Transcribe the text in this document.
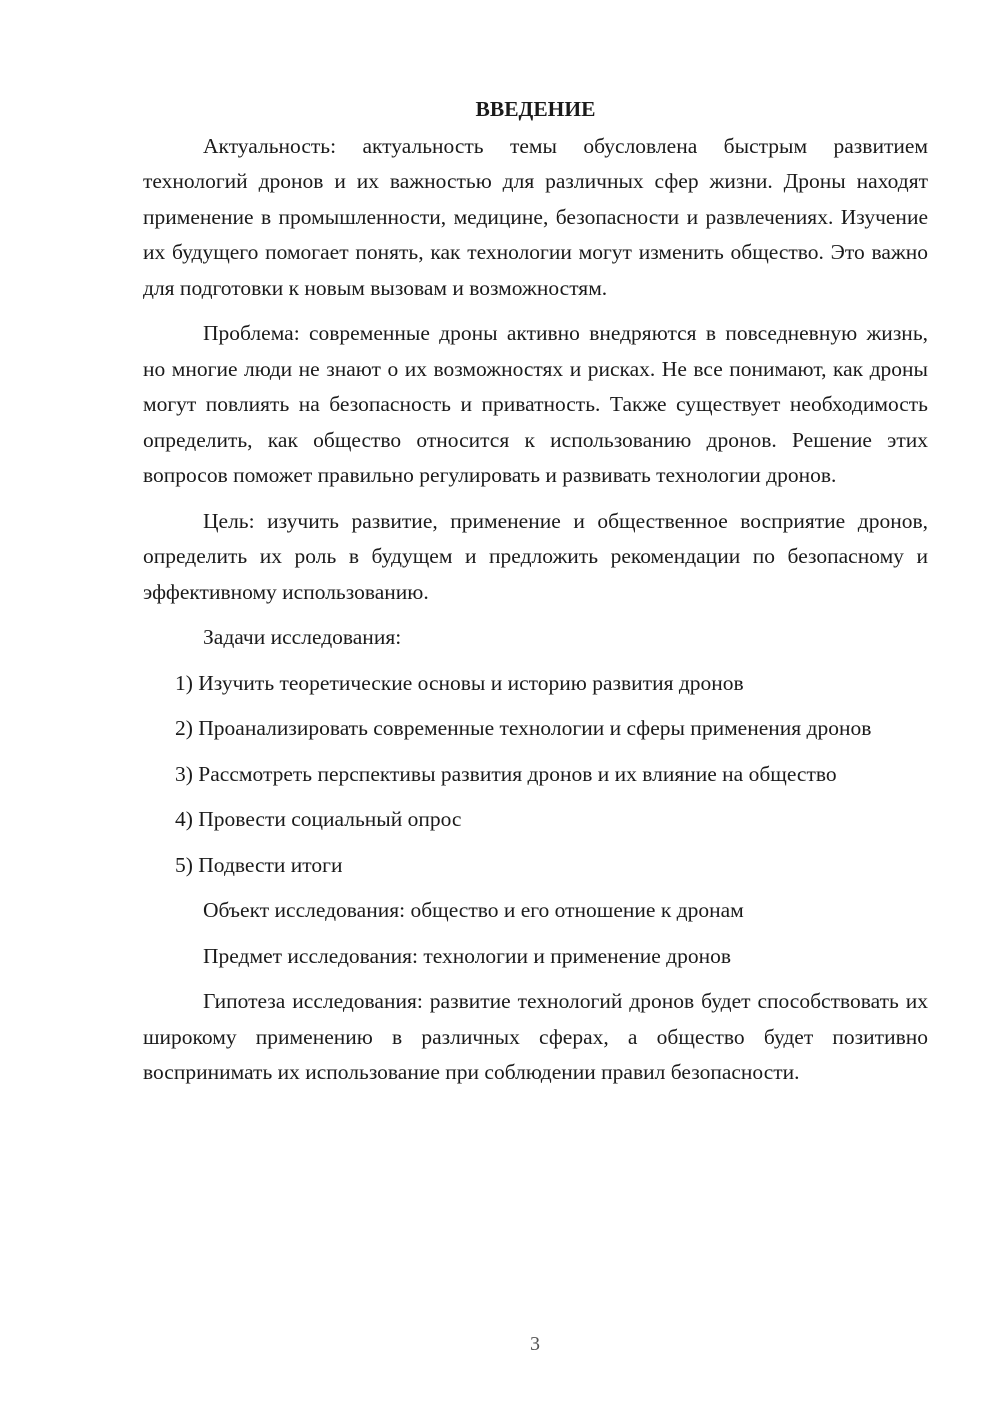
ВВЕДЕНИЕ

Актуальность: актуальность темы обусловлена быстрым развитием технологий дронов и их важностью для различных сфер жизни. Дроны находят применение в промышленности, медицине, безопасности и развлечениях. Изучение их будущего помогает понять, как технологии могут изменить общество. Это важно для подготовки к новым вызовам и возможностям.

Проблема: современные дроны активно внедряются в повседневную жизнь, но многие люди не знают о их возможностях и рисках. Не все понимают, как дроны могут повлиять на безопасность и приватность. Также существует необходимость определить, как общество относится к использованию дронов. Решение этих вопросов поможет правильно регулировать и развивать технологии дронов.

Цель: изучить развитие, применение и общественное восприятие дронов, определить их роль в будущем и предложить рекомендации по безопасному и эффективному использованию.

Задачи исследования:

1) Изучить теоретические основы и историю развития дронов

2) Проанализировать современные технологии и сферы применения дронов

3) Рассмотреть перспективы развития дронов и их влияние на общество

4) Провести социальный опрос

5) Подвести итоги

Объект исследования: общество и его отношение к дронам

Предмет исследования: технологии и применение дронов

Гипотеза исследования: развитие технологий дронов будет способствовать их широкому применению в различных сферах, а общество будет позитивно воспринимать их использование при соблюдении правил безопасности.

3
